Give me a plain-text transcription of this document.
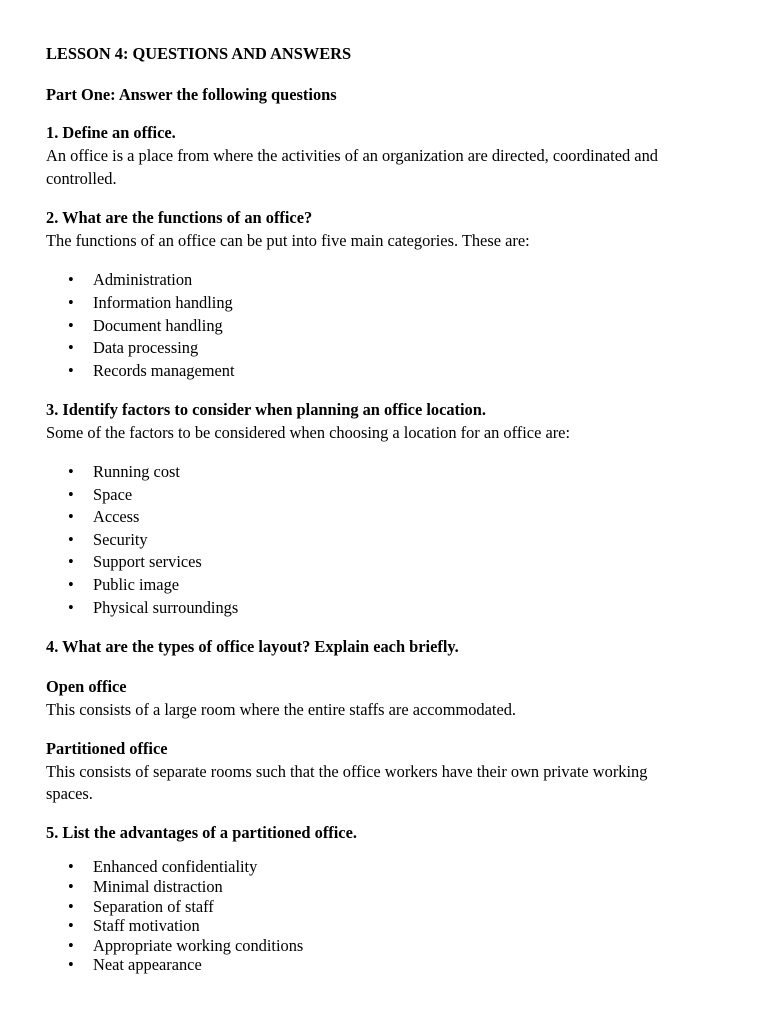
LESSON 4: QUESTIONS AND ANSWERS
Part One: Answer the following questions
1. Define an office.
An office is a place from where the activities of an organization are directed, coordinated and
controlled.
2. What are the functions of an office?
The functions of an office can be put into five main categories. These are:
• Administration
• Information handling
• Document handling
• Data processing
• Records management
3. Identify factors to consider when planning an office location.
Some of the factors to be considered when choosing a location for an office are:
• Running cost
• Space
• Access
• Security
• Support services
• Public image
• Physical surroundings
4. What are the types of office layout? Explain each briefly.
Open office
This consists of a large room where the entire staffs are accommodated.
Partitioned office
This consists of separate rooms such that the office workers have their own private working
spaces.
5. List the advantages of a partitioned office.
• Enhanced confidentiality
• Minimal distraction
• Separation of staff
• Staff motivation
• Appropriate working conditions
• Neat appearance
